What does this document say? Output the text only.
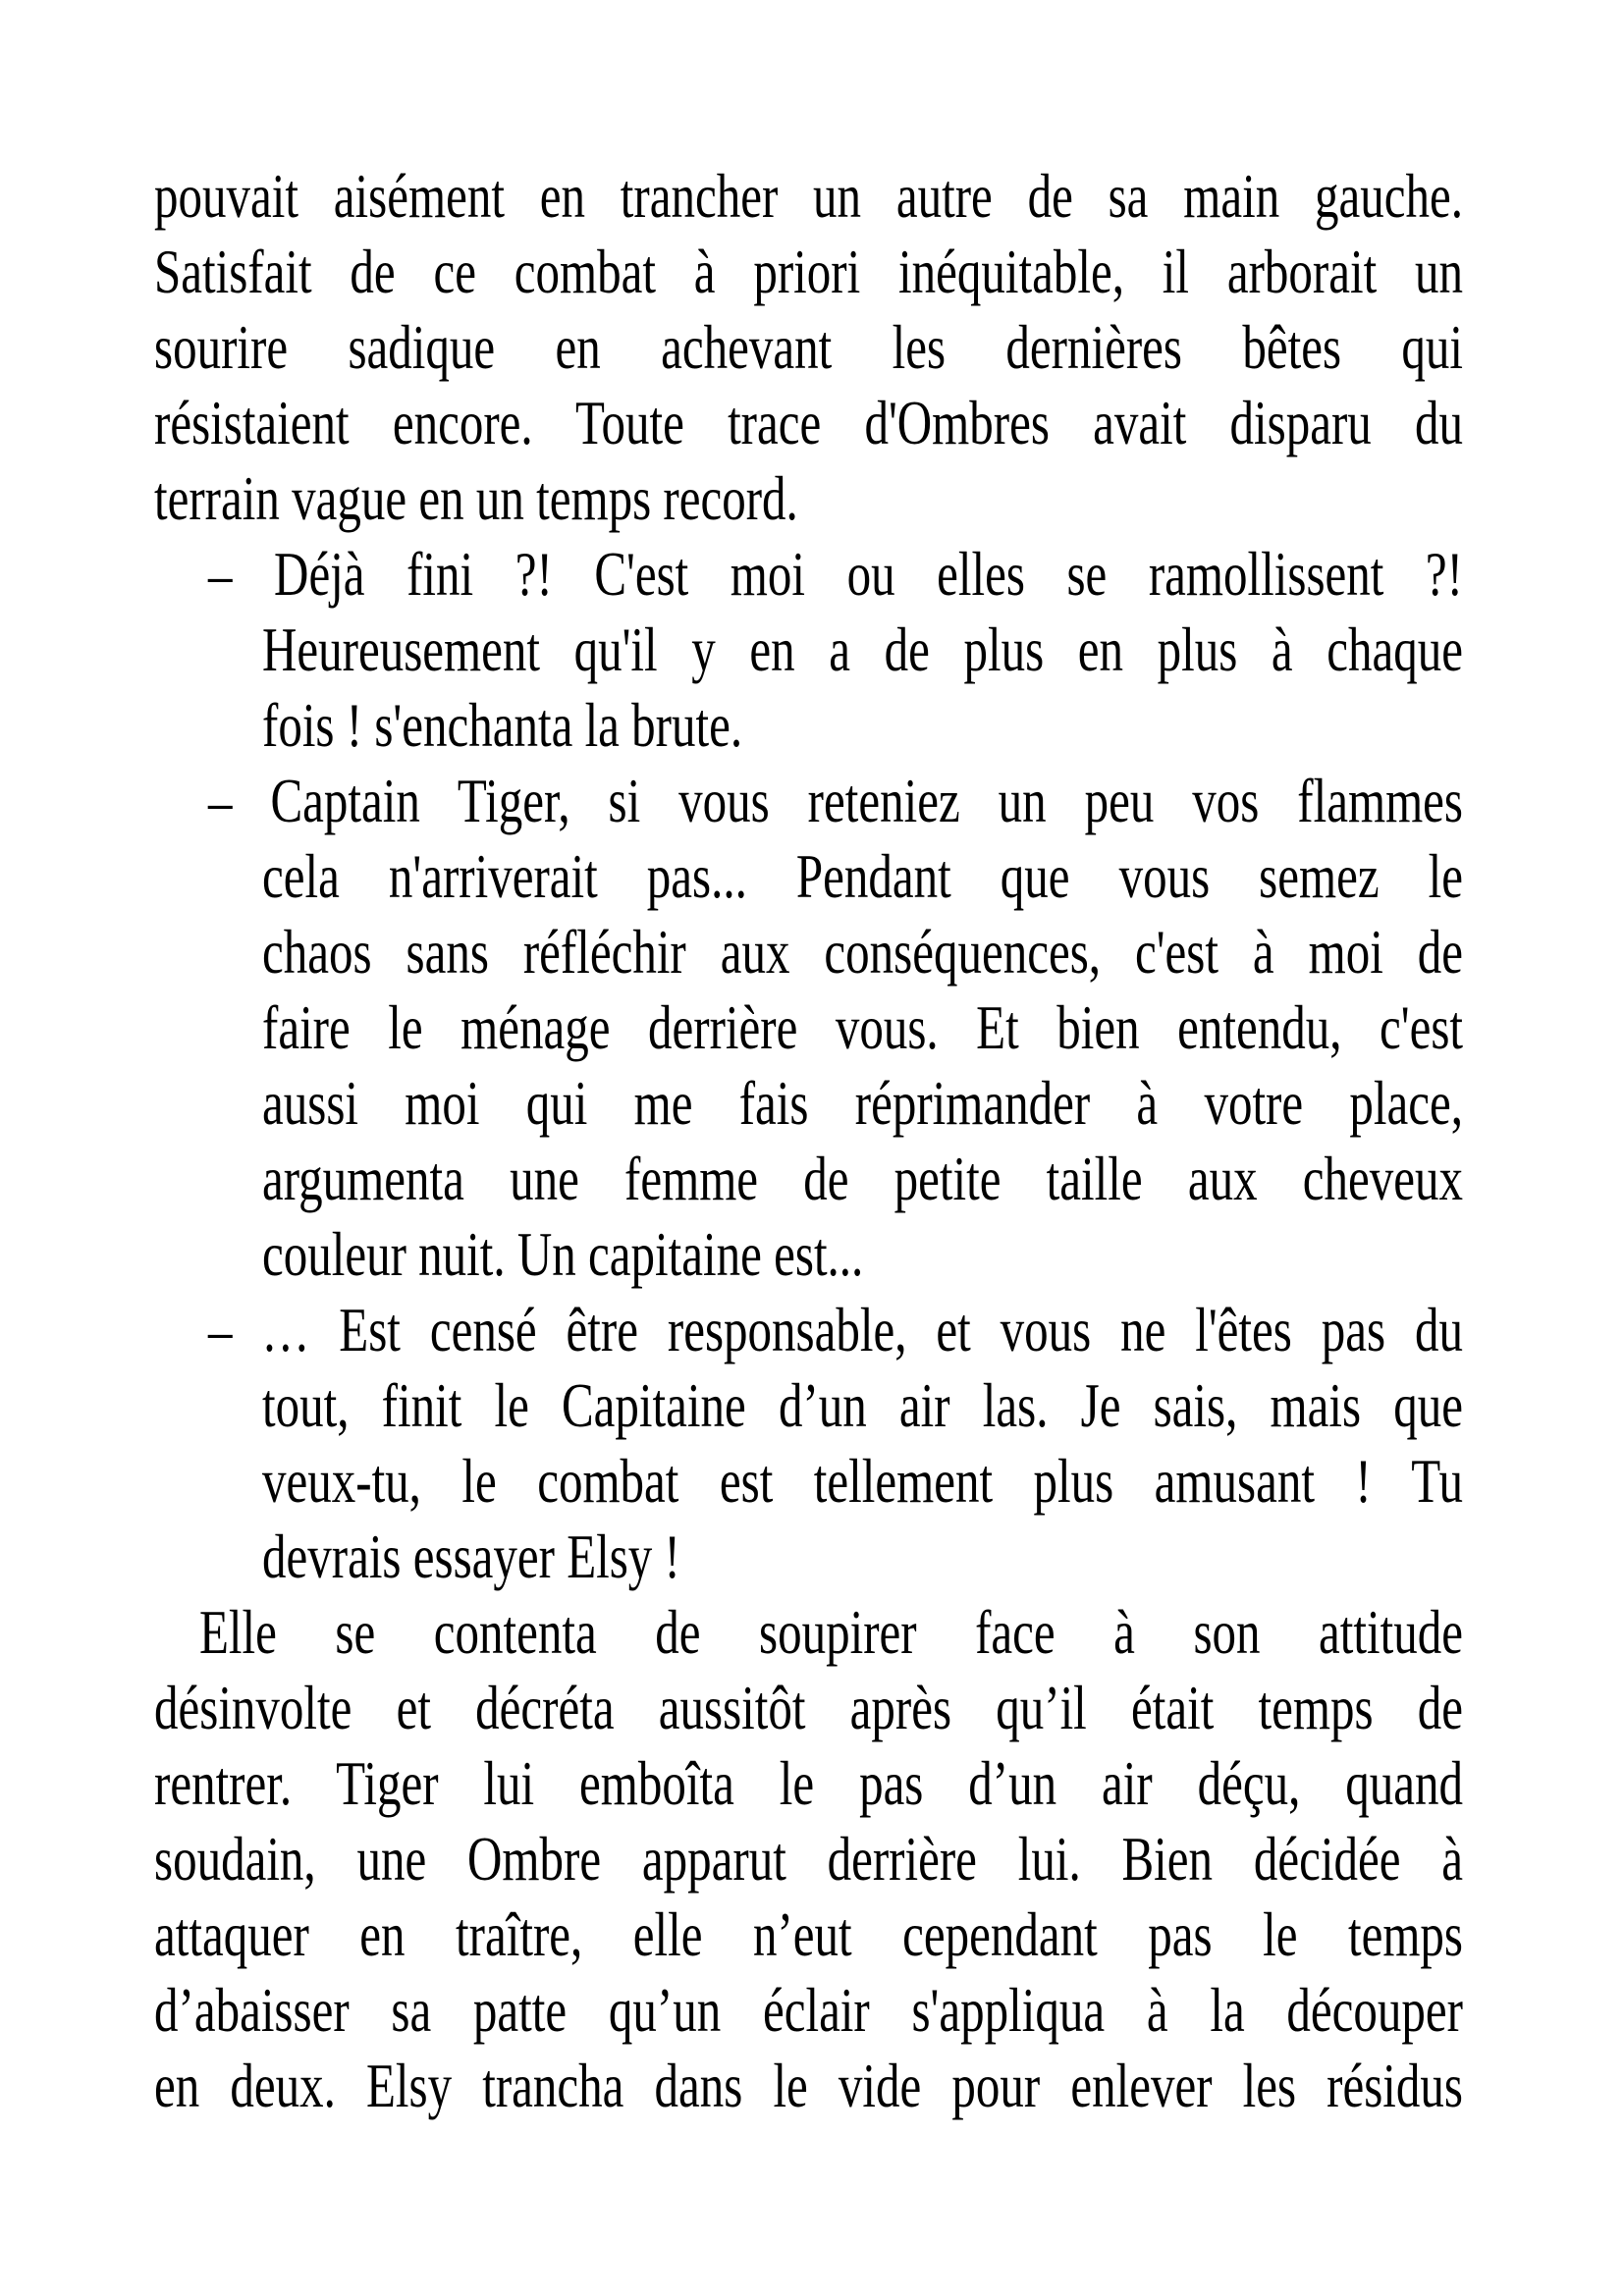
pouvait aisément en trancher un autre de sa main gauche.
Satisfait de ce combat à priori inéquitable, il arborait un
sourire sadique en achevant les dernières bêtes qui
résistaient encore. Toute trace d'Ombres avait disparu du
terrain vague en un temps record.
– Déjà fini ?! C'est moi ou elles se ramollissent ?!
Heureusement qu'il y en a de plus en plus à chaque
fois ! s'enchanta la brute.
– Captain Tiger, si vous reteniez un peu vos flammes
cela n'arriverait pas... Pendant que vous semez le
chaos sans réfléchir aux conséquences, c'est à moi de
faire le ménage derrière vous. Et bien entendu, c'est
aussi moi qui me fais réprimander à votre place,
argumenta une femme de petite taille aux cheveux
couleur nuit. Un capitaine est...
– … Est censé être responsable, et vous ne l'êtes pas du
tout, finit le Capitaine d’un air las. Je sais, mais que
veux-tu, le combat est tellement plus amusant ! Tu
devrais essayer Elsy !
Elle se contenta de soupirer face à son attitude
désinvolte et décréta aussitôt après qu’il était temps de
rentrer. Tiger lui emboîta le pas d’un air déçu, quand
soudain, une Ombre apparut derrière lui. Bien décidée à
attaquer en traître, elle n’eut cependant pas le temps
d’abaisser sa patte qu’un éclair s'appliqua à la découper
en deux. Elsy trancha dans le vide pour enlever les résidus
